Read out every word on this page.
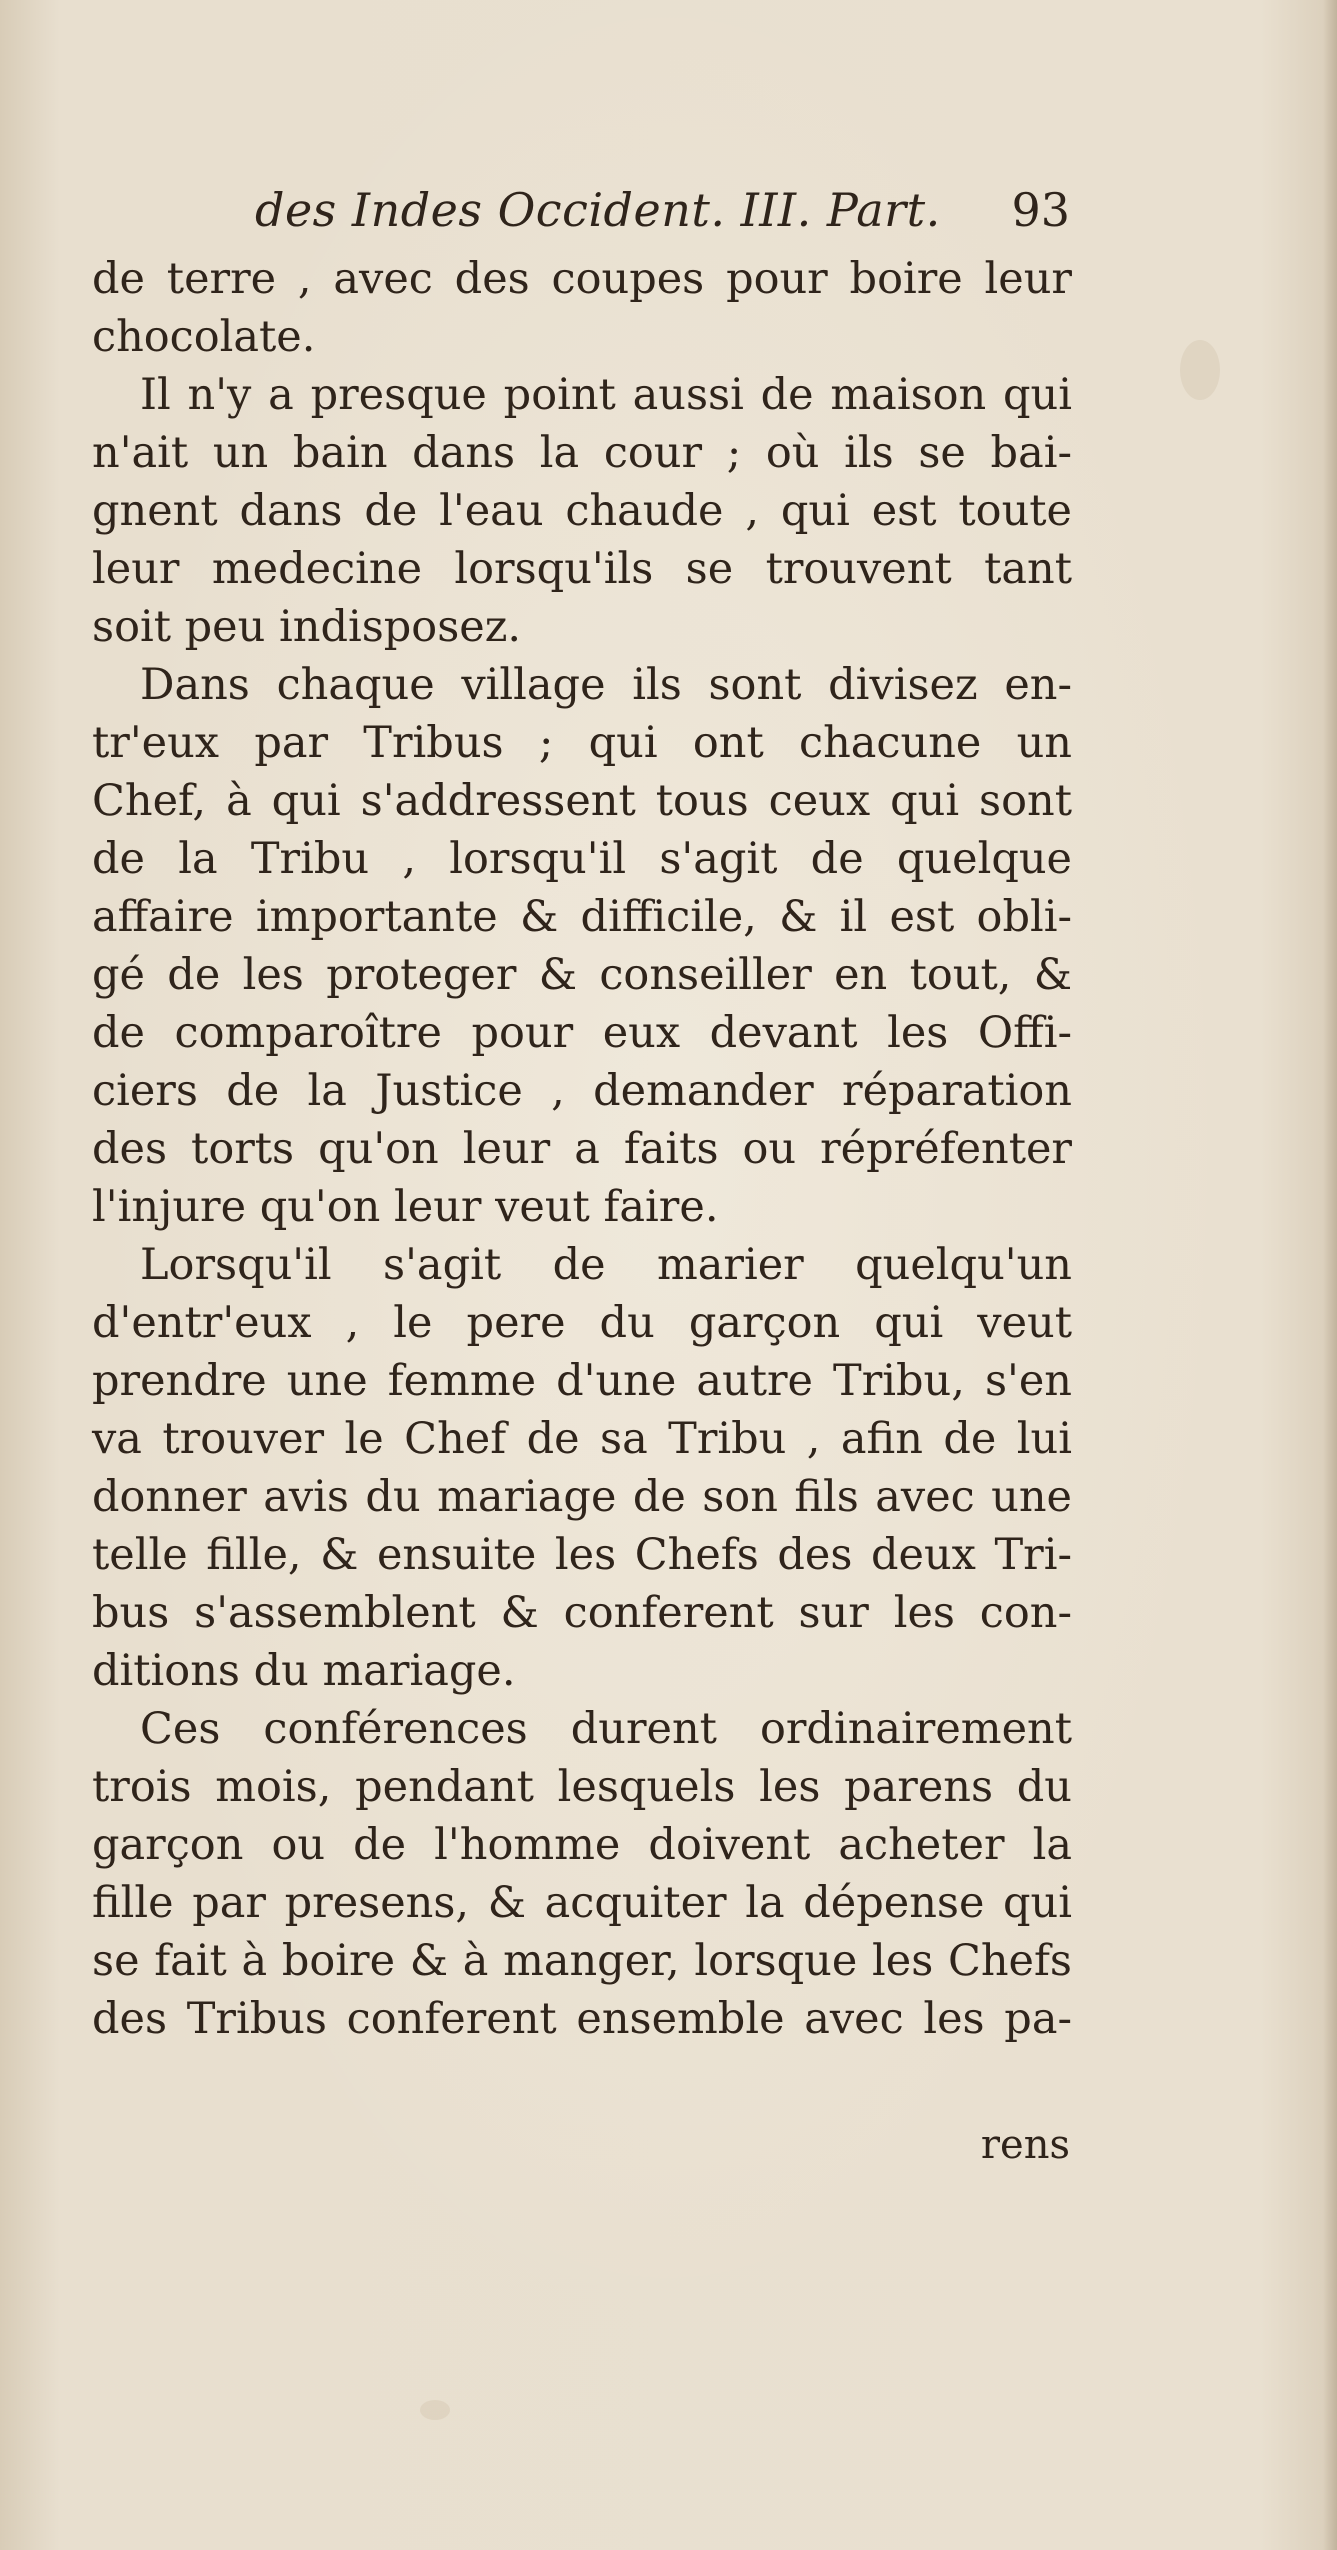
des Indes Occident. III. Part. 93
de terre , avec des coupes pour boire leur
chocolate.
Il n'y a presque point aussi de maison qui
n'ait un bain dans la cour ; où ils se bai-
gnent dans de l'eau chaude , qui est toute
leur medecine lorsqu'ils se trouvent tant
soit peu indisposez.
Dans chaque village ils sont divisez en-
tr'eux par Tribus ; qui ont chacune un
Chef, à qui s'addressent tous ceux qui sont
de la Tribu , lorsqu'il s'agit de quelque
affaire importante & difficile, & il est obli-
gé de les proteger & conseiller en tout, &
de comparoître pour eux devant les Offi-
ciers de la Justice , demander réparation
des torts qu'on leur a faits ou répréfenter
l'injure qu'on leur veut faire.
Lorsqu'il s'agit de marier quelqu'un
d'entr'eux , le pere du garçon qui veut
prendre une femme d'une autre Tribu, s'en
va trouver le Chef de sa Tribu , afin de lui
donner avis du mariage de son fils avec une
telle fille, & ensuite les Chefs des deux Tri-
bus s'assemblent & conferent sur les con-
ditions du mariage.
Ces conférences durent ordinairement
trois mois, pendant lesquels les parens du
garçon ou de l'homme doivent acheter la
fille par presens, & acquiter la dépense qui
se fait à boire & à manger, lorsque les Chefs
des Tribus conferent ensemble avec les pa-
rens
